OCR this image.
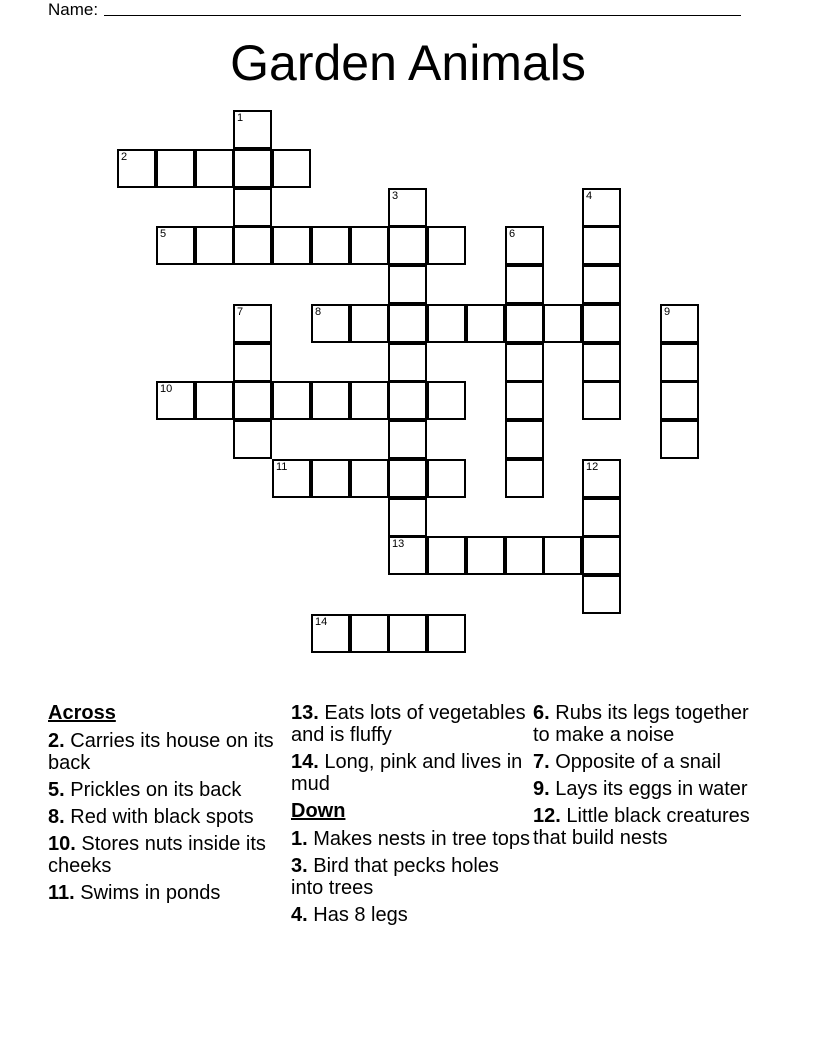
Name:
Garden Animals
1
2
3	4
5	6
7	8	9
10
11	12
13
14
Across
2. Carries its house on its back
5. Prickles on its back
8. Red with black spots
10. Stores nuts inside its cheeks
11. Swims in ponds
13. Eats lots of vegetables and is fluffy
14. Long, pink and lives in mud
Down
1. Makes nests in tree tops
3. Bird that pecks holes into trees
4. Has 8 legs
6. Rubs its legs together to make a noise
7. Opposite of a snail
9. Lays its eggs in water
12. Little black creatures that build nests
